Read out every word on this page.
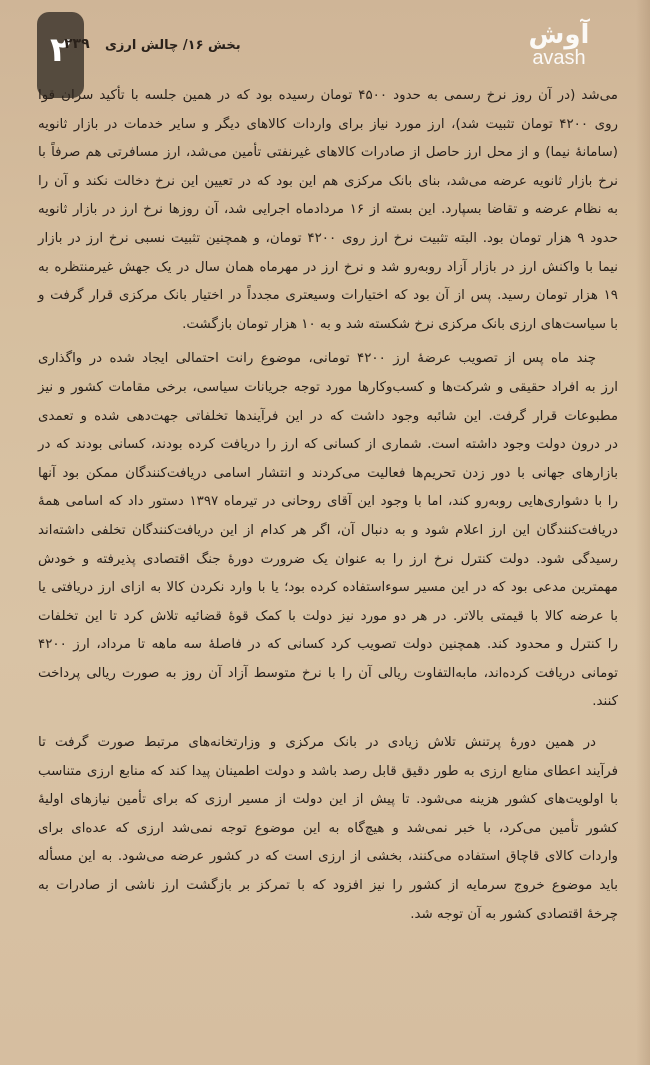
۲
۲۳۹ بخش ۱۶/ چالش ارزی	آوش
avash
می‌شد (در آن روز نرخ رسمی به حدود ۴۵۰۰ تومان رسیده بود که در همین جلسه با تأکید سران قوا
روی ۴۲۰۰ تومان تثبیت شد)، ارز مورد نیاز برای واردات کالاهای دیگر و سایر خدمات در بازار ثانویه
(سامانهٔ نیما) و از محل ارز حاصل از صادرات کالاهای غیرنفتی تأمین می‌شد، ارز مسافرتی هم صرفاً با
نرخ بازار ثانویه عرضه می‌شد، بنای بانک مرکزی هم این بود که در تعیین این نرخ دخالت نکند و آن را
به نظام عرضه و تقاضا بسپارد. این بسته از ۱۶ مردادماه اجرایی شد، آن روزها نرخ ارز در بازار ثانویه
حدود ۹ هزار تومان بود. البته تثبیت نرخ ارز روی ۴۲۰۰ تومان، و همچنین تثبیت نسبی نرخ ارز در بازار
نیما با واکنش ارز در بازار آزاد روبه‌رو شد و نرخ ارز در مهرماه همان سال در یک جهش غیرمنتظره به
۱۹ هزار تومان رسید. پس از آن بود که اختیارات وسیعتری مجدداً در اختیار بانک مرکزی قرار گرفت و
با سیاست‌های ارزی بانک مرکزی نرخ شکسته شد و به ۱۰ هزار تومان بازگشت.
چند ماه پس از تصویب عرضهٔ ارز ۴۲۰۰ تومانی، موضوع رانت احتمالی ایجاد شده در واگذاری
ارز به افراد حقیقی و شرکت‌ها و کسب‌وکارها مورد توجه جریانات سیاسی، برخی مقامات کشور و نیز
مطبوعات قرار گرفت. این شائبه وجود داشت که در این فرآیندها تخلفاتی جهت‌دهی شده و تعمدی
در درون دولت وجود داشته است. شماری از کسانی که ارز را دریافت کرده بودند، کسانی بودند که در
بازارهای جهانی با دور زدن تحریم‌ها فعالیت می‌کردند و انتشار اسامی دریافت‌کنندگان ممکن بود آنها
را با دشواری‌هایی روبه‌رو کند، اما با وجود این آقای روحانی در تیرماه ۱۳۹۷ دستور داد که اسامی همهٔ
دریافت‌کنندگان این ارز اعلام شود و به دنبال آن، اگر هر کدام از این دریافت‌کنندگان تخلفی داشته‌اند
رسیدگی شود. دولت کنترل نرخ ارز را به عنوان یک ضرورت دورهٔ جنگ اقتصادی پذیرفته و خودش
مهمترین مدعی بود که در این مسیر سوءاستفاده کرده بود؛ یا با وارد نکردن کالا به ازای ارز دریافتی یا
با عرضه کالا با قیمتی بالاتر. در هر دو مورد نیز دولت با کمک قوهٔ قضائیه تلاش کرد تا این تخلفات
را کنترل و محدود کند. همچنین دولت تصویب کرد کسانی که در فاصلهٔ سه ماهه تا مرداد، ارز ۴۲۰۰
تومانی دریافت کرده‌اند، مابه‌التفاوت ریالی آن را با نرخ متوسط آزاد آن روز به صورت ریالی پرداخت
کنند.
در همین دورهٔ پرتنش تلاش زیادی در بانک مرکزی و وزارتخانه‌های مرتبط صورت گرفت تا
فرآیند اعطای منابع ارزی به طور دقیق قابل رصد باشد و دولت اطمینان پیدا کند که منابع ارزی متناسب
با اولویت‌های کشور هزینه می‌شود. تا پیش از این دولت از مسیر ارزی که برای تأمین نیازهای اولیهٔ
کشور تأمین می‌کرد، با خبر نمی‌شد و هیچ‌گاه به این موضوع توجه نمی‌شد ارزی که عده‌ای برای
واردات کالای قاچاق استفاده می‌کنند، بخشی از ارزی است که در کشور عرضه می‌شود. به این مسأله
باید موضوع خروج سرمایه از کشور را نیز افزود که با تمرکز بر بازگشت ارز ناشی از صادرات به
چرخهٔ اقتصادی کشور به آن توجه شد.
